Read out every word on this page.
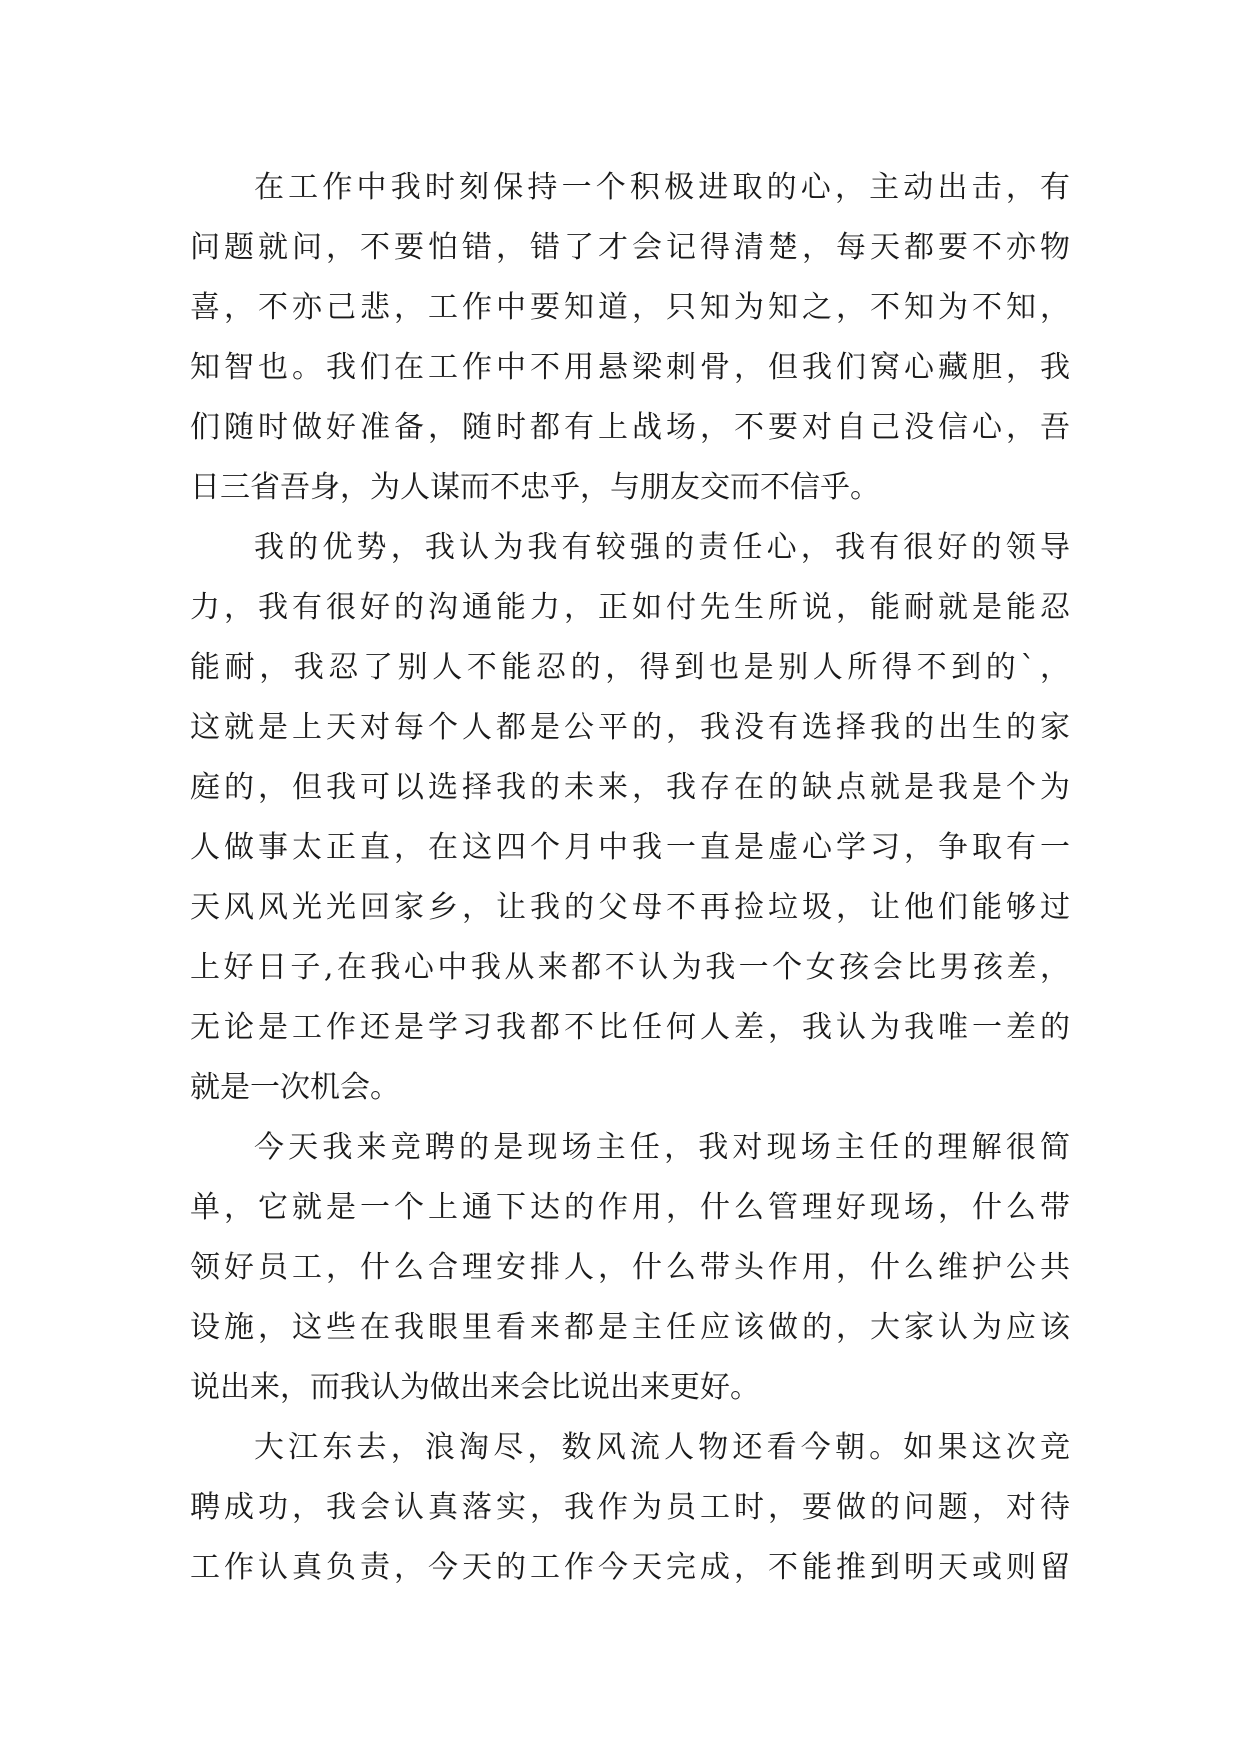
在工作中我时刻保持一个积极进取的心，主动出击，有
问题就问，不要怕错，错了才会记得清楚，每天都要不亦物
喜，不亦己悲，工作中要知道，只知为知之，不知为不知，
知智也。我们在工作中不用悬梁刺骨，但我们窝心藏胆，我
们随时做好准备，随时都有上战场，不要对自己没信心，吾
日三省吾身，为人谋而不忠乎，与朋友交而不信乎。
我的优势，我认为我有较强的责任心，我有很好的领导
力，我有很好的沟通能力，正如付先生所说，能耐就是能忍
能耐，我忍了别人不能忍的，得到也是别人所得不到的`，
这就是上天对每个人都是公平的，我没有选择我的出生的家
庭的，但我可以选择我的未来，我存在的缺点就是我是个为
人做事太正直，在这四个月中我一直是虚心学习，争取有一
天风风光光回家乡，让我的父母不再捡垃圾，让他们能够过
上好日子,在我心中我从来都不认为我一个女孩会比男孩差，
无论是工作还是学习我都不比任何人差，我认为我唯一差的
就是一次机会。
今天我来竞聘的是现场主任，我对现场主任的理解很简
单，它就是一个上通下达的作用，什么管理好现场，什么带
领好员工，什么合理安排人，什么带头作用，什么维护公共
设施，这些在我眼里看来都是主任应该做的，大家认为应该
说出来，而我认为做出来会比说出来更好。
大江东去，浪淘尽，数风流人物还看今朝。如果这次竞
聘成功，我会认真落实，我作为员工时，要做的问题，对待
工作认真负责，今天的工作今天完成，不能推到明天或则留
